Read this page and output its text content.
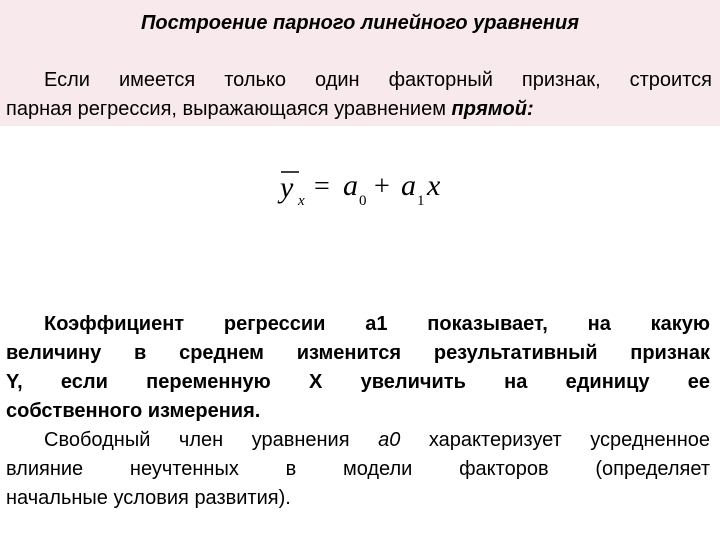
Построение парного линейного уравнения
Если имеется только один факторный признак, строится
парная регрессия, выражающаяся уравнением прямой:
y x = a 0 + a 1 x
Коэффициент регрессии а1 показывает, на какую
величину в среднем изменится результативный признак
Y, если переменную X увеличить на единицу ее
собственного измерения.
Свободный член уравнения а0 характеризует усредненное
влияние неучтенных в модели факторов (определяет
начальные условия развития).
